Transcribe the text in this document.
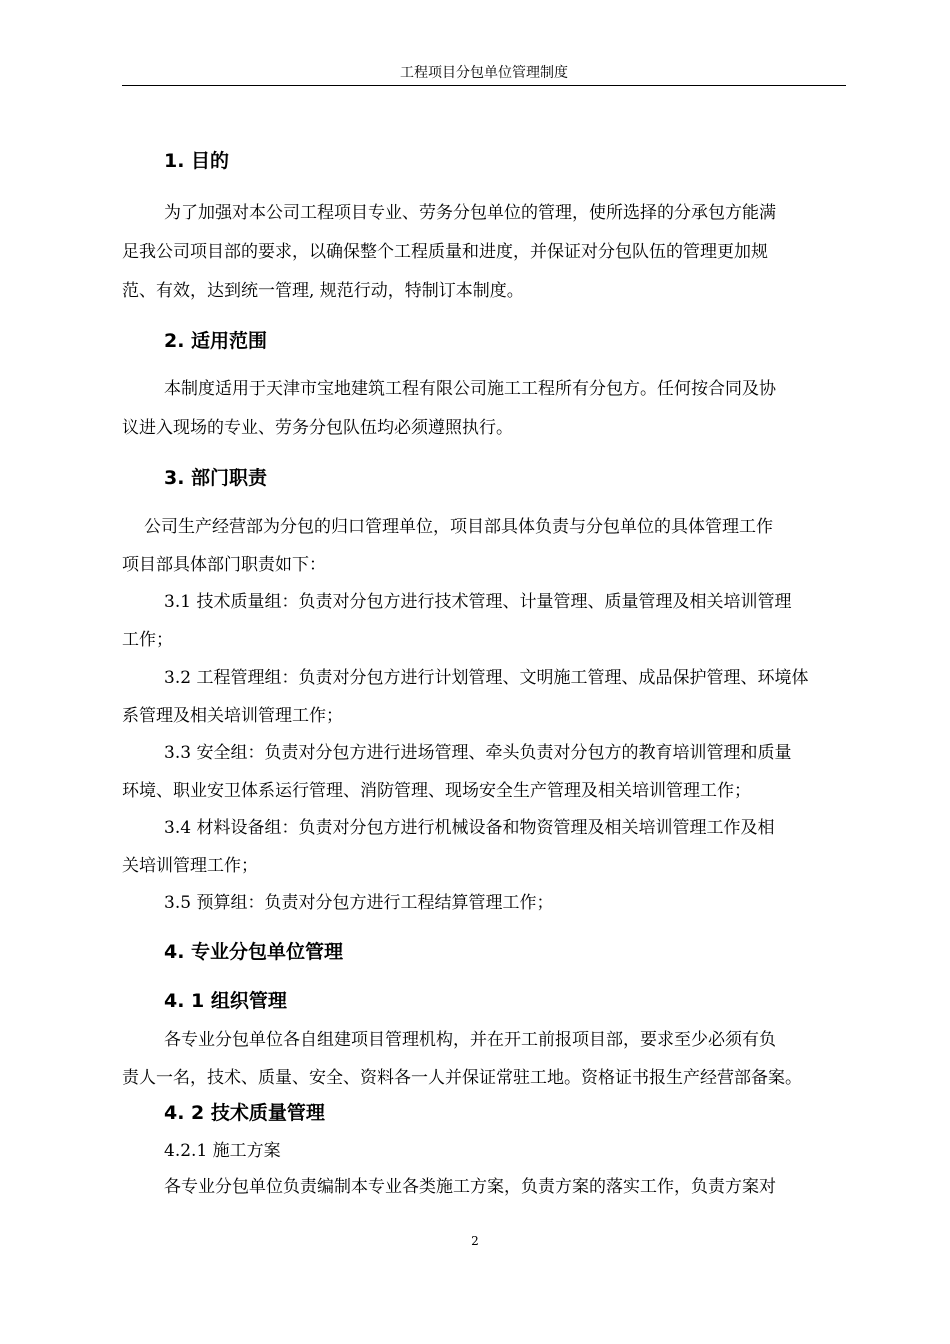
工程项目分包单位管理制度
1. 目的
为了加强对本公司工程项目专业、劳务分包单位的管理，使所选择的分承包方能满
足我公司项目部的要求，以确保整个工程质量和进度，并保证对分包队伍的管理更加规
范、有效，达到统一管理, 规范行动，特制订本制度。
2. 适用范围
本制度适用于天津市宝地建筑工程有限公司施工工程所有分包方。任何按合同及协
议进入现场的专业、劳务分包队伍均必须遵照执行。
3. 部门职责
公司生产经营部为分包的归口管理单位，项目部具体负责与分包单位的具体管理工作
项目部具体部门职责如下：
3.1 技术质量组：负责对分包方进行技术管理、计量管理、质量管理及相关培训管理
工作；
3.2 工程管理组：负责对分包方进行计划管理、文明施工管理、成品保护管理、环境体
系管理及相关培训管理工作；
3.3 安全组：负责对分包方进行进场管理、牵头负责对分包方的教育培训管理和质量
环境、职业安卫体系运行管理、消防管理、现场安全生产管理及相关培训管理工作；
3.4 材料设备组：负责对分包方进行机械设备和物资管理及相关培训管理工作及相
关培训管理工作；
3.5 预算组：负责对分包方进行工程结算管理工作；
4. 专业分包单位管理
4. 1 组织管理
各专业分包单位各自组建项目管理机构，并在开工前报项目部，要求至少必须有负
责人一名，技术、质量、安全、资料各一人并保证常驻工地。资格证书报生产经营部备案。
4. 2 技术质量管理
4.2.1 施工方案
各专业分包单位负责编制本专业各类施工方案，负责方案的落实工作，负责方案对
2
